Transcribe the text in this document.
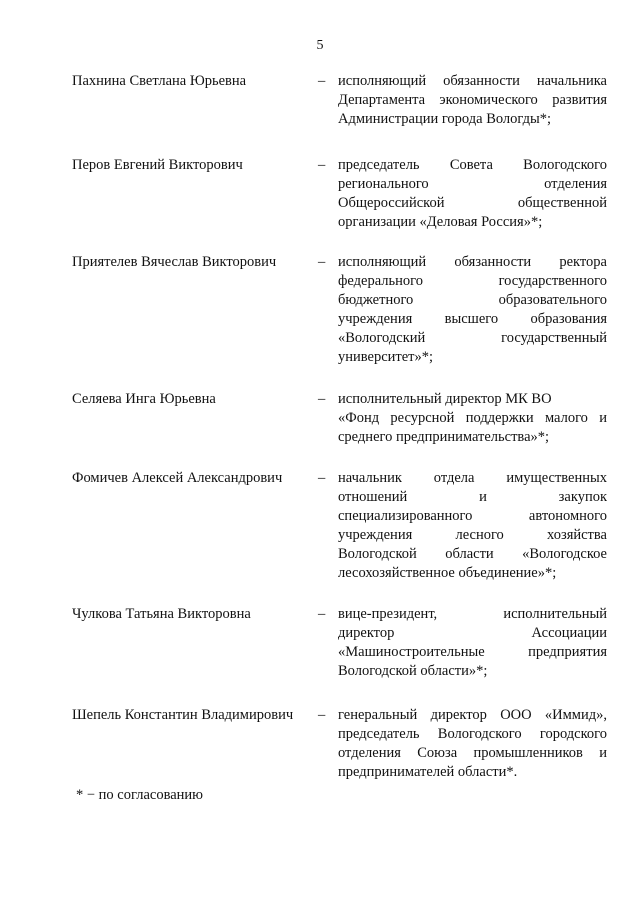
5
Пахнина Светлана Юрьевна	– исполняющий обязанности начальника
Департамента экономического развития
Администрации города Вологды*;
Перов Евгений Викторович	– председатель Совета Вологодского
регионального отделения
Общероссийской общественной
организации «Деловая Россия»*;
Приятелев Вячеслав Викторович	– исполняющий обязанности ректора
федерального государственного
бюджетного образовательного
учреждения высшего образования
«Вологодский государственный
университет»*;
Селяева Инга Юрьевна	– исполнительный директор МК ВО
«Фонд ресурсной поддержки малого и
среднего предпринимательства»*;
Фомичев Алексей Александрович	– начальник отдела имущественных
отношений и закупок
специализированного автономного
учреждения лесного хозяйства
Вологодской области «Вологодское
лесохозяйственное объединение»*;
Чулкова Татьяна Викторовна	– вице-президент, исполнительный
директор Ассоциации
«Машиностроительные предприятия
Вологодской области»*;
Шепель Константин Владимирович	– генеральный директор ООО «Иммид»,
председатель Вологодского городского
отделения Союза промышленников и
предпринимателей области*.
* − по согласованию
